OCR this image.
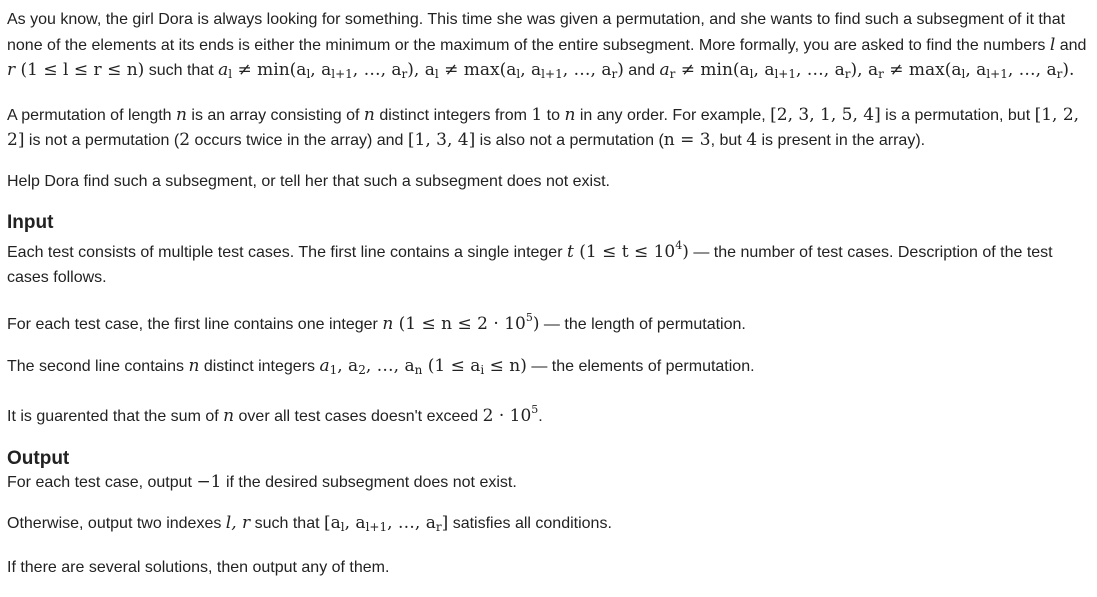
As you know, the girl Dora is always looking for something. This time she was given a permutation, and she wants to find such a subsegment of it that none of the elements at its ends is either the minimum or the maximum of the entire subsegment. More formally, you are asked to find the numbers l and r (1 ≤ l ≤ r ≤ n) such that $a_l \ne \min(a_l$, $a_{l+1}$, …, $a_r$), $a_l \ne \max(a_l$, $a_{l+1}$, …, $a_r$) and $a_r \ne \min(a_l$, $a_{l+1}$, …, $a_r$), $a_r \ne \max(a_l$, $a_{l+1}$, …, $a_r$).

A permutation of length n is an array consisting of n distinct integers from 1 to n in any order. For example, [2, 3, 1, 5, 4] is a permutation, but [1, 2, 2] is not a permutation (2 occurs twice in the array) and [1, 3, 4] is also not a permutation (n = 3, but 4 is present in the array).

Help Dora find such a subsegment, or tell her that such a subsegment does not exist.

Input

Each test consists of multiple test cases. The first line contains a single integer t $(1 \le t \le 10^4)$ — the number of test cases. Description of the test cases follows.

For each test case, the first line contains one integer n $(1 \le n \le 2 \cdot 10^5)$ — the length of permutation.

The second line contains n distinct integers $a_1$, $a_2$, …, $a_n$ $(1 \le a_i \le n)$ — the elements of permutation.

It is guarented that the sum of n over all test cases doesn't exceed $2 \cdot 10^5$.

Output

For each test case, output −1 if the desired subsegment does not exist.

Otherwise, output two indexes l, r such that [$a_l$, $a_{l+1}$, …, $a_r$] satisfies all conditions.

If there are several solutions, then output any of them.
